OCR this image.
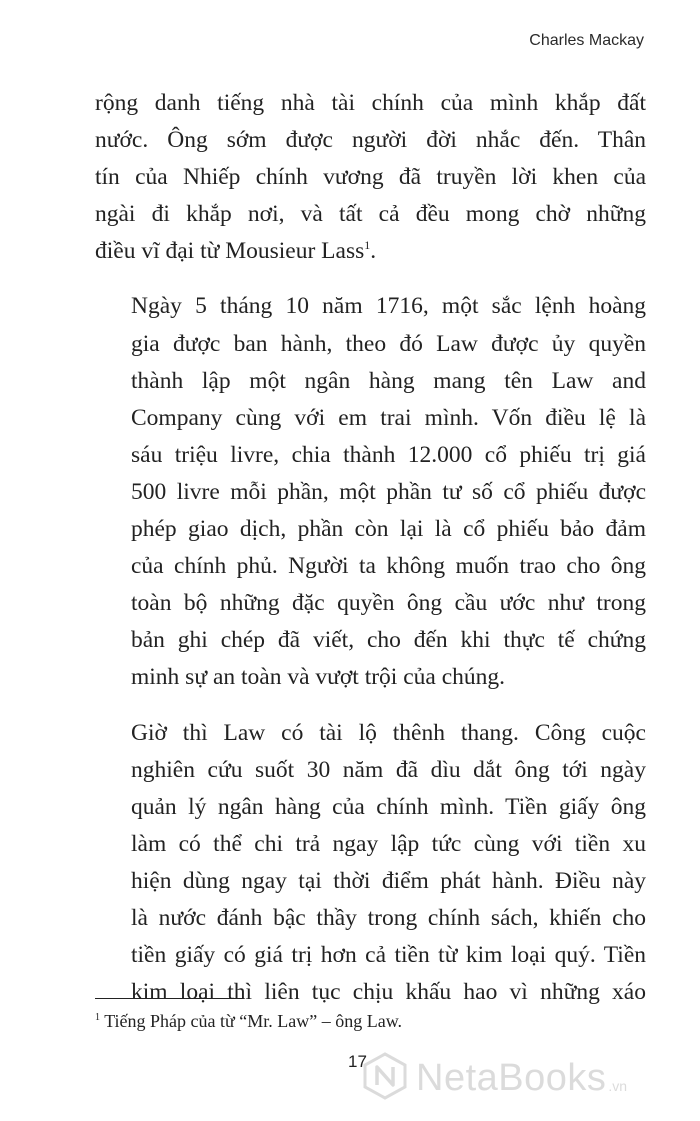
Charles Mackay

rộng danh tiếng nhà tài chính của mình khắp đất
nước. Ông sớm được người đời nhắc đến. Thân
tín của Nhiếp chính vương đã truyền lời khen của
ngài đi khắp nơi, và tất cả đều mong chờ những
điều vĩ đại từ Mousieur Lass$^1$.

Ngày 5 tháng 10 năm 1716, một sắc lệnh hoàng
gia được ban hành, theo đó Law được ủy quyền
thành lập một ngân hàng mang tên Law and
Company cùng với em trai mình. Vốn điều lệ là
sáu triệu livre, chia thành 12.000 cổ phiếu trị giá
500 livre mỗi phần, một phần tư số cổ phiếu được
phép giao dịch, phần còn lại là cổ phiếu bảo đảm
của chính phủ. Người ta không muốn trao cho ông
toàn bộ những đặc quyền ông cầu ước như trong
bản ghi chép đã viết, cho đến khi thực tế chứng
minh sự an toàn và vượt trội của chúng.

Giờ thì Law có tài lộ thênh thang. Công cuộc
nghiên cứu suốt 30 năm đã dìu dắt ông tới ngày
quản lý ngân hàng của chính mình. Tiền giấy ông
làm có thể chi trả ngay lập tức cùng với tiền xu
hiện dùng ngay tại thời điểm phát hành. Điều này
là nước đánh bậc thầy trong chính sách, khiến cho
tiền giấy có giá trị hơn cả tiền từ kim loại quý. Tiền
kim loại thì liên tục chịu khấu hao vì những xáo

$^1$ Tiếng Pháp của từ “Mr. Law” – ông Law.
17 NetaBooks .vn
